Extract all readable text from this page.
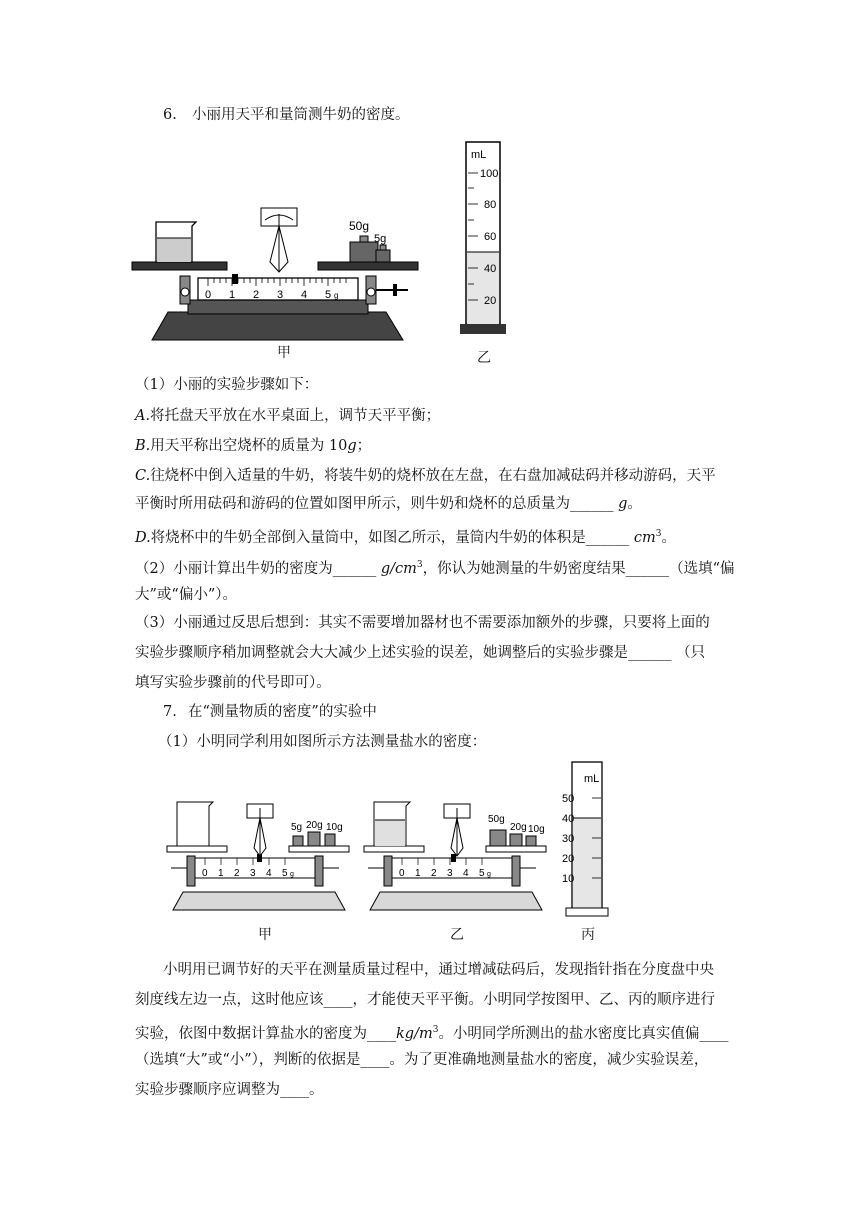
6. 小丽用天平和量筒测牛奶的密度。
0 1 2 3 4 5 g
50g
5g
甲
mL
100
80
60
40
20
乙
（1）小丽的实验步骤如下：
A.将托盘天平放在水平桌面上，调节天平平衡；
B.用天平称出空烧杯的质量为 10g；
C.往烧杯中倒入适量的牛奶，将装牛奶的烧杯放在左盘，在右盘加减砝码并移动游码，天平
平衡时所用砝码和游码的位置如图甲所示，则牛奶和烧杯的总质量为______ g。
D.将烧杯中的牛奶全部倒入量筒中，如图乙所示，量筒内牛奶的体积是______ $cm^3$。
（2）小丽计算出牛奶的密度为______ $g/cm^3$，你认为她测量的牛奶密度结果______（选填“偏
大”或“偏小”）。
（3）小丽通过反思后想到：其实不需要增加器材也不需要添加额外的步骤，只要将上面的
实验步骤顺序稍加调整就会大大减少上述实验的误差，她调整后的实验步骤是______ （只
填写实验步骤前的代号即可）。
7. 在“测量物质的密度”的实验中
（1）小明同学利用如图所示方法测量盐水的密度：
0 1 2 3 4 5 g
5g 20g 10g
甲
0 1 2 3 4 5 g
50g
20g 10g
乙
mL
50
40
30
20
10
丙
小明用已调节好的天平在测量质量过程中，通过增减砝码后，发现指针指在分度盘中央
刻度线左边一点，这时他应该____，才能使天平平衡。小明同学按图甲、乙、丙的顺序进行
实验，依图中数据计算盐水的密度为$\_\_\_\_kg/m^3$。小明同学所测出的盐水密度比真实值偏____
（选填“大”或“小”），判断的依据是____。为了更准确地测量盐水的密度，减少实验误差，
实验步骤顺序应调整为____。
